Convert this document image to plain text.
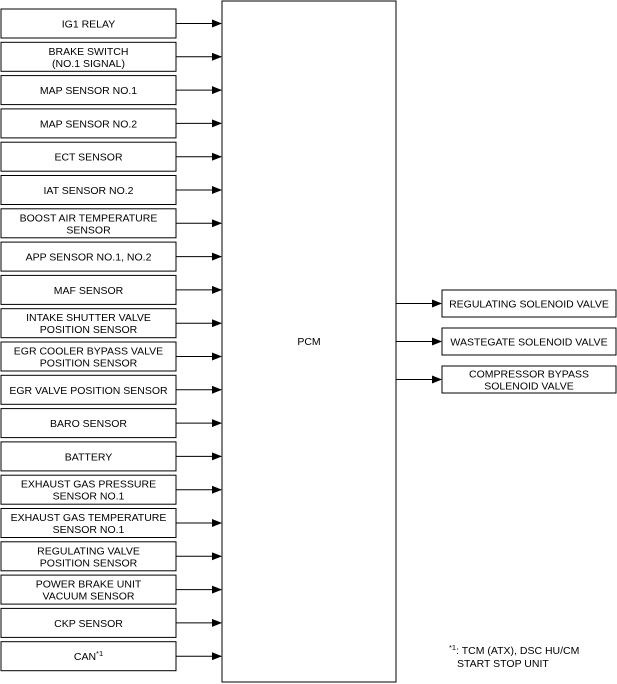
PCM
IG1 RELAY
BRAKE SWITCH
(NO.1 SIGNAL)
MAP SENSOR NO.1
MAP SENSOR NO.2
ECT SENSOR
IAT SENSOR NO.2
BOOST AIR TEMPERATURE
SENSOR
APP SENSOR NO.1, NO.2
MAF SENSOR
INTAKE SHUTTER VALVE
POSITION SENSOR
EGR COOLER BYPASS VALVE
POSITION SENSOR
EGR VALVE POSITION SENSOR
BARO SENSOR
BATTERY
EXHAUST GAS PRESSURE
SENSOR NO.1
EXHAUST GAS TEMPERATURE
SENSOR NO.1
REGULATING VALVE
POSITION SENSOR
POWER BRAKE UNIT
VACUUM SENSOR
CKP SENSOR
CAN$^{*1}$
REGULATING SOLENOID VALVE
WASTEGATE SOLENOID VALVE
COMPRESSOR BYPASS
SOLENOID VALVE
$^{*1}$: TCM (ATX), DSC HU/CM
START STOP UNIT
